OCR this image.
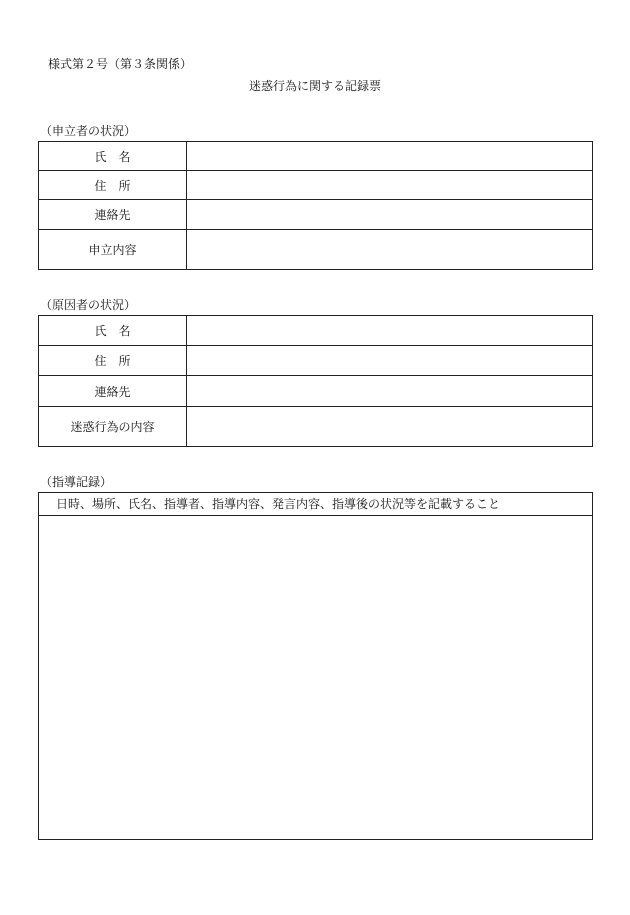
様式第２号（第３条関係）
迷惑行為に関する記録票
（申立者の状況）
氏　名	
住　所	
連絡先	
申立内容	
（原因者の状況）
氏　名	
住　所	
連絡先	
迷惑行為の内容	
（指導記録）
日時、場所、氏名、指導者、指導内容、発言内容、指導後の状況等を記載すること
